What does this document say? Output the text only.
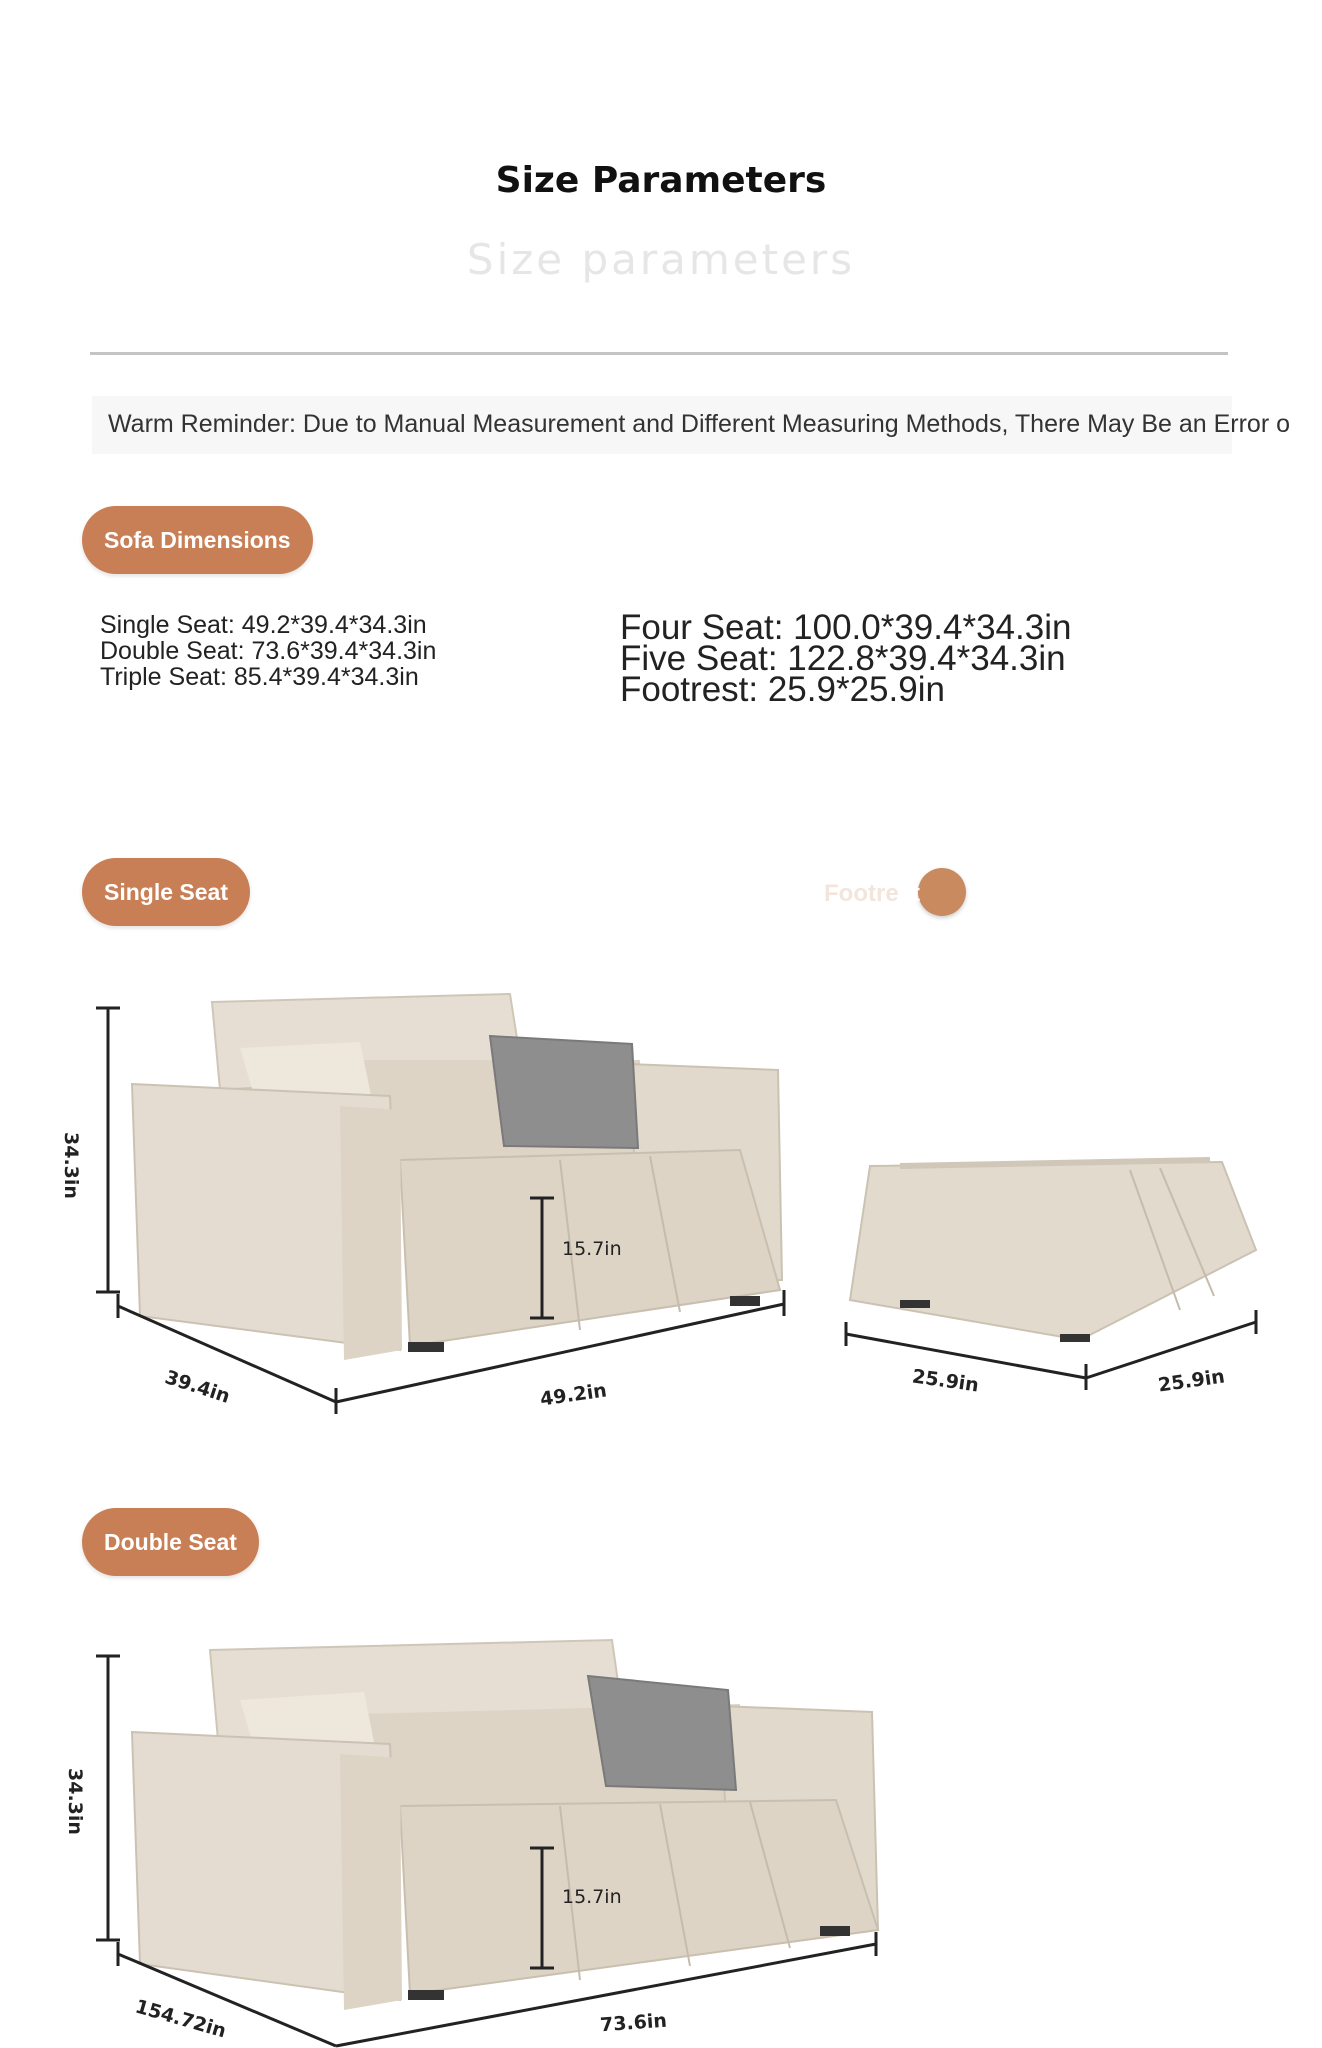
Size Parameters
Size parameters
Warm Reminder: Due to Manual Measurement and Different Measuring Methods, There May Be an Error o
Sofa Dimensions
Single Seat: 49.2*39.4*34.3in Double Seat: 73.6*39.4*34.3in Triple Seat: 85.4*39.4*34.3in
Four Seat: 100.0*39.4*34.3in Five Seat: 122.8*39.4*34.3in Footrest: 25.9*25.9in
Single Seat	Footrest
34.3in
15.7in
39.4in	49.2in	25.9in	25.9in
Double Seat
34.3in
15.7in
154.72in	73.6in
